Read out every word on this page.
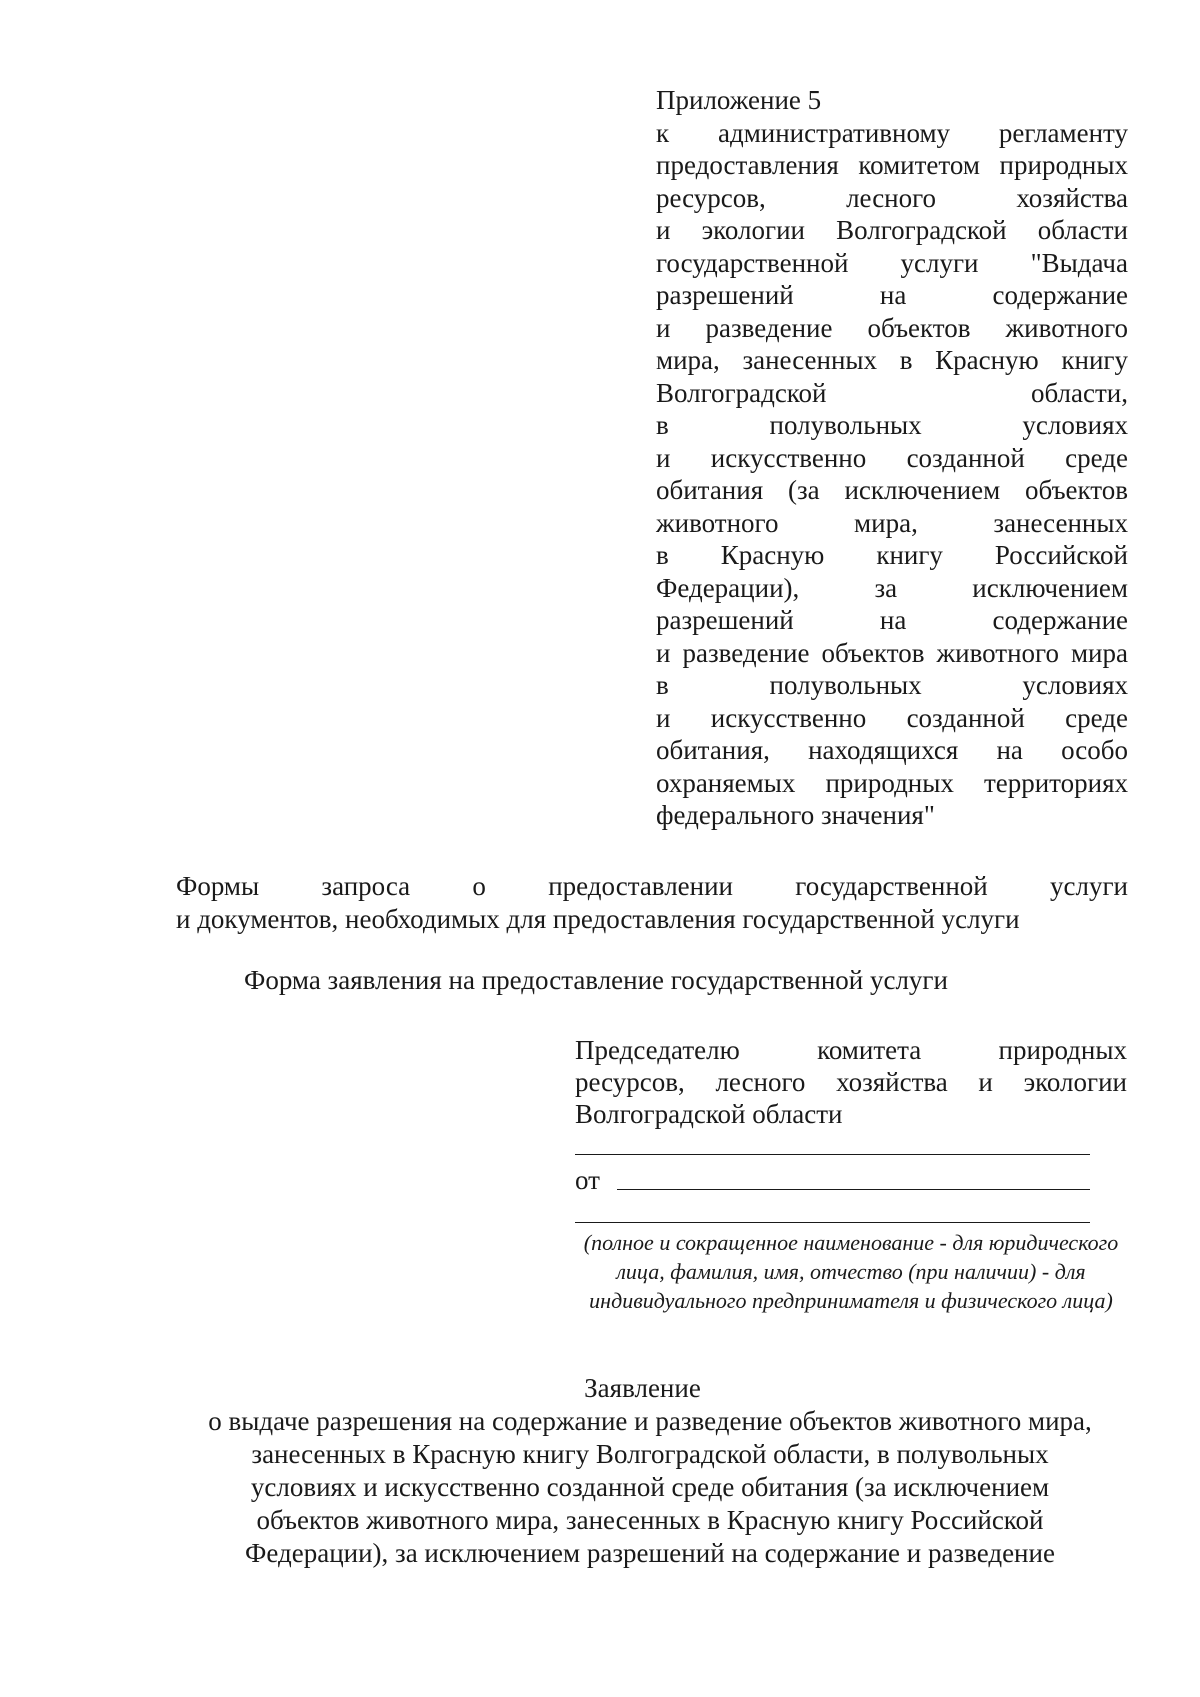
Приложение 5
к административному регламенту
предоставления комитетом природных
ресурсов, лесного хозяйства
и экологии Волгоградской области
государственной услуги "Выдача
разрешений на содержание
и разведение объектов животного
мира, занесенных в Красную книгу
Волгоградской области,
в полувольных условиях
и искусственно созданной среде
обитания (за исключением объектов
животного мира, занесенных
в Красную книгу Российской
Федерации), за исключением
разрешений на содержание
и разведение объектов животного мира
в полувольных условиях
и искусственно созданной среде
обитания, находящихся на особо
охраняемых природных территориях
федерального значения"
Формы запроса о предоставлении государственной услуги
и документов, необходимых для предоставления государственной услуги
Форма заявления на предоставление государственной услуги
Председателю комитета природных
ресурсов, лесного хозяйства и экологии
Волгоградской области
от
(полное и сокращенное наименование - для юридического лица, фамилия, имя, отчество (при наличии) - для индивидуального предпринимателя и физического лица)
Заявление
о выдаче разрешения на содержание и разведение объектов животного мира,
занесенных в Красную книгу Волгоградской области, в полувольных
условиях и искусственно созданной среде обитания (за исключением
объектов животного мира, занесенных в Красную книгу Российской
Федерации), за исключением разрешений на содержание и разведение
